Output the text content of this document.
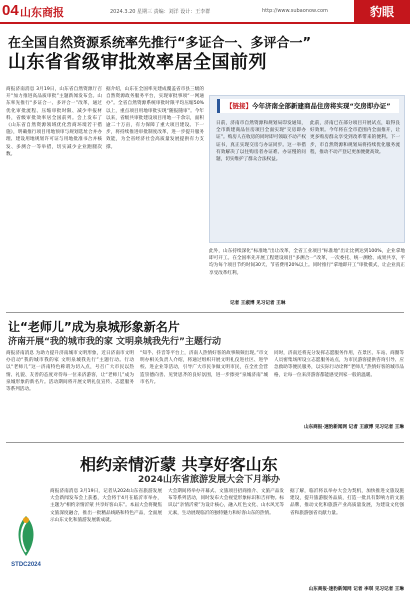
04 山东商报	2024.3.20 星期三 责编：刘洋 设计：王李群	http://www.subaonow.com	豹眼
在全国自然资源系统率先推行“多证合一、多评合一”
山东省省级审批效率居全国前列
商报济南消息 3月19日，山东省自然资源厅召开“加力推进高品质审批”主题新闻发布会。山东率先推行“多证合一、多评合一”改革，通过优化审批流程、压缩审批时限、减少申报材料，省级审批效率居全国前列。会上发布了《山东省自然资源领域优化营商环境若干措施》，明确推行项目用地预审与规划选址合并办理、建设用地规划许可证与用地批准书合并核发、多测合一等举措，切实减少企业跑腿次数。
据介绍，山东在全国率先建成覆盖省市县三级的自然资源政务服务平台，实现审批事项“一网通办”。全省自然资源系统审批时限平均压缩50%以上，重点项目用地审批实现“随报随审”。今年以来，省级共审批建设项目用地一千余宗，面积逾二十万亩，有力保障了重大项目建设。下一步，将持续推进审批制度改革，进一步提升服务效能，为全省经济社会高质量发展提供有力支撑。
【链接】今年济南全部新建商品住房将实现“交房即办证”
日前，济南市自然资源和规划局印发通知，全市新建商品住房项目全面实现“交房即办证”。购房人在收房的同时即可领取不动产权证书，真正实现交房与办证同步。这一举措有效解决了以往购房者办证难、办证慢的问题，切实维护了群众合法权益。
此前，济南已在部分项目开展试点，取得良好效果。今年将在全市范围内全面推开，让更多购房群众享受到改革带来的便利。下一步，市自然资源和规划局将持续优化服务流程，推动不动产登记更加便捷高效。
此外，山东持续深化“标准地”出让改革，全省工业项目“标准地”出让比例达到100%，企业拿地即可开工。在全国率先开展工程建设项目“多测合一”改革，一次委托、统一测绘、成果共享，平均为每个项目节约时间30天、节省费用20%以上。同时推行“拿地即开工”审批模式，让企业真正享受改革红利。
记者 王淑博 见习记者 王琳
让“老师儿”成为泉城形象新名片
济南开展“我的城市我的家 文明泉城我先行”主题行动
商报济南消息 为助力提升济南城市文明形象，近日济南市文明办启动“我的城市我的家 文明泉城我先行”主题行动。行动以“老师儿”这一济南特色称谓为切入点，号召广大市民以热情、礼貌、友善的态度对待每一位来济游客，让“老师儿”成为泉城形象的新名片。活动期间将开展文明礼仪宣传、志愿服务等系列活动。
“知乎、抖音等平台上，济南人热情好客的故事频频出现。”市文明办相关负责人介绍，将通过组织开展文明礼仪进社区、进学校、进企业等活动，引导广大市民争做文明市民，在全社会营造崇德向善、见贤思齐的良好氛围，进一步擦亮“泉城济南”城市名片。
同时，济南还将充分发挥志愿服务作用，在景区、车站、商圈等人员密集场所设立志愿服务站点，为市民游客提供咨询引导、应急救助等便民服务，以实际行动诠释“老师儿”热情好客的城市品格，让每一位来济游客都能感受到家一般的温暖。
山东商报·速豹新闻网 记者 王淑博 见习记者 王琳
相约亲情沂蒙 共享好客山东
2024山东省旅游发展大会下月举办
STDC2024
商报济南消息 3月19日，记者从2024山东省旅游发展大会新闻发布会上获悉，大会将于4月在临沂市举办，主题为“相约亲情沂蒙 共享好客山东”。本届大会将聚焦文旅深度融合，推出一批精品线路和特色产品，全面展示山东文化和旅游发展新成就。
大会期间将举办开幕式、文旅项目招商推介、文旅产品发布等系列活动，同时发布大会视觉形象标识和吉祥物。标识以“亲情沂蒙”为设计核心，融入红色文化、山水风光等元素，生动展现临沂的独特魅力和好客山东的热情。
据了解，临沂将以举办大会为契机，加快推进文旅设施建设，提升旅游服务品质，打造一批具有影响力的文旅品牌，推动文化和旅游产业高质量发展，为建设文化强省和旅游强省贡献力量。
山东商报·速豹新闻网 记者 李琪 见习记者 王琳
